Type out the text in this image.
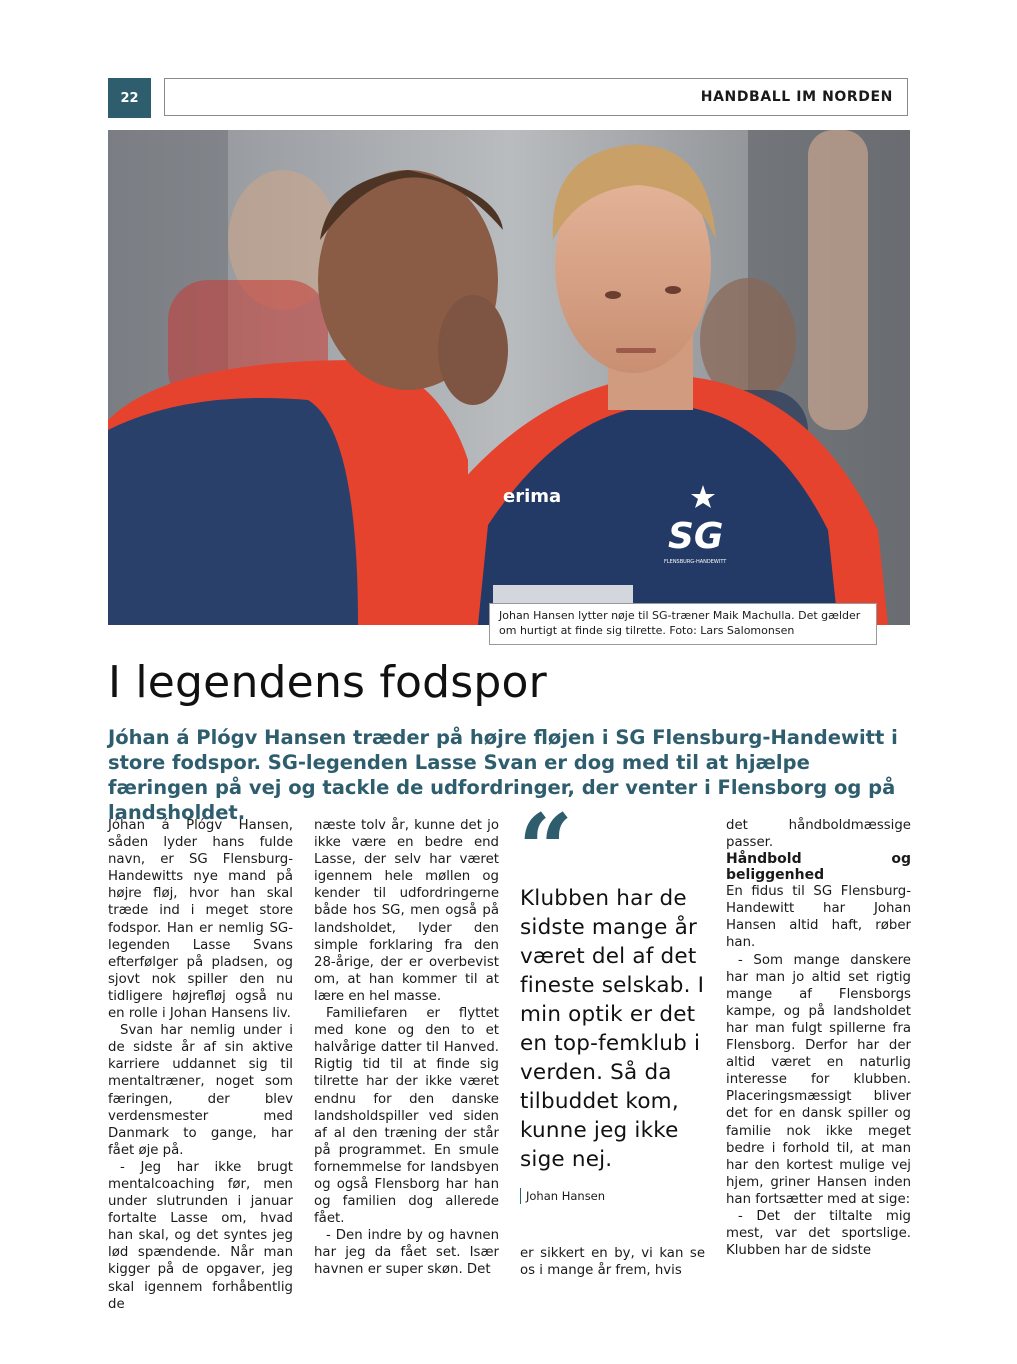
22	HANDBALL IM NORDEN
erima
SG
FLENSBURG-HANDEWITT
Johan Hansen lytter nøje til SG-træner Maik Machulla. Det gælder om hurtigt at finde sig tilrette. Foto: Lars Salomonsen
I legendens fodspor

Jóhan á Plógv Hansen træder på højre fløjen i SG Flensburg-Handewitt i store fodspor. SG-legenden Lasse Svan er dog med til at hjælpe færingen på vej og tackle de udfordringer, der venter i Flensborg og på landsholdet.

Jóhan á Plógv Hansen, såden lyder hans fulde navn, er SG Flensburg-Handewitts nye mand på højre fløj, hvor han skal træde ind i meget store fodspor. Han er nemlig SG-legenden Lasse Svans efterfølger på pladsen, og sjovt nok spiller den nu tidligere højrefløj også nu en rolle i Johan Hansens liv.

Svan har nemlig under i de sidste år af sin aktive karriere uddannet sig til mentaltræner, noget som færingen, der blev verdensmester med Danmark to gange, har fået øje på.

- Jeg har ikke brugt mentalcoaching før, men under slutrunden i januar fortalte Lasse om, hvad han skal, og det syntes jeg lød spændende. Når man kigger på de opgaver, jeg skal igennem forhåbentlig de

næste tolv år, kunne det jo ikke være en bedre end Lasse, der selv har været igennem hele møllen og kender til udfordringerne både hos SG, men også på landsholdet, lyder den simple forklaring fra den 28-årige, der er overbevist om, at han kommer til at lære en hel masse.

Familiefaren er flyttet med kone og den to et halvårige datter til Hanved. Rigtig tid til at finde sig tilrette har der ikke været endnu for den danske landsholdspiller ved siden af al den træning der står på programmet. En smule fornemmelse for landsbyen og også Flensborg har han og familien dog allerede fået.

- Den indre by og havnen har jeg da fået set. Især havnen er super skøn. Det

“

Klubben har de sidste mange år været del af det fineste selskab. I min optik er det en top-femklub i verden. Så da tilbuddet kom, kunne jeg ikke sige nej.

Johan Hansen

er sikkert en by, vi kan se os i mange år frem, hvis

det håndboldmæssige passer.

Håndbold og beliggenhed

En fidus til SG Flensburg-Handewitt har Johan Hansen altid haft, røber han.

- Som mange danskere har man jo altid set rigtig mange af Flensborgs kampe, og på landsholdet har man fulgt spillerne fra Flensborg. Derfor har der altid været en naturlig interesse for klubben. Placeringsmæssigt bliver det for en dansk spiller og familie nok ikke meget bedre i forhold til, at man har den kortest mulige vej hjem, griner Hansen inden han fortsætter med at sige:

- Det der tiltalte mig mest, var det sportslige. Klubben har de sidste
